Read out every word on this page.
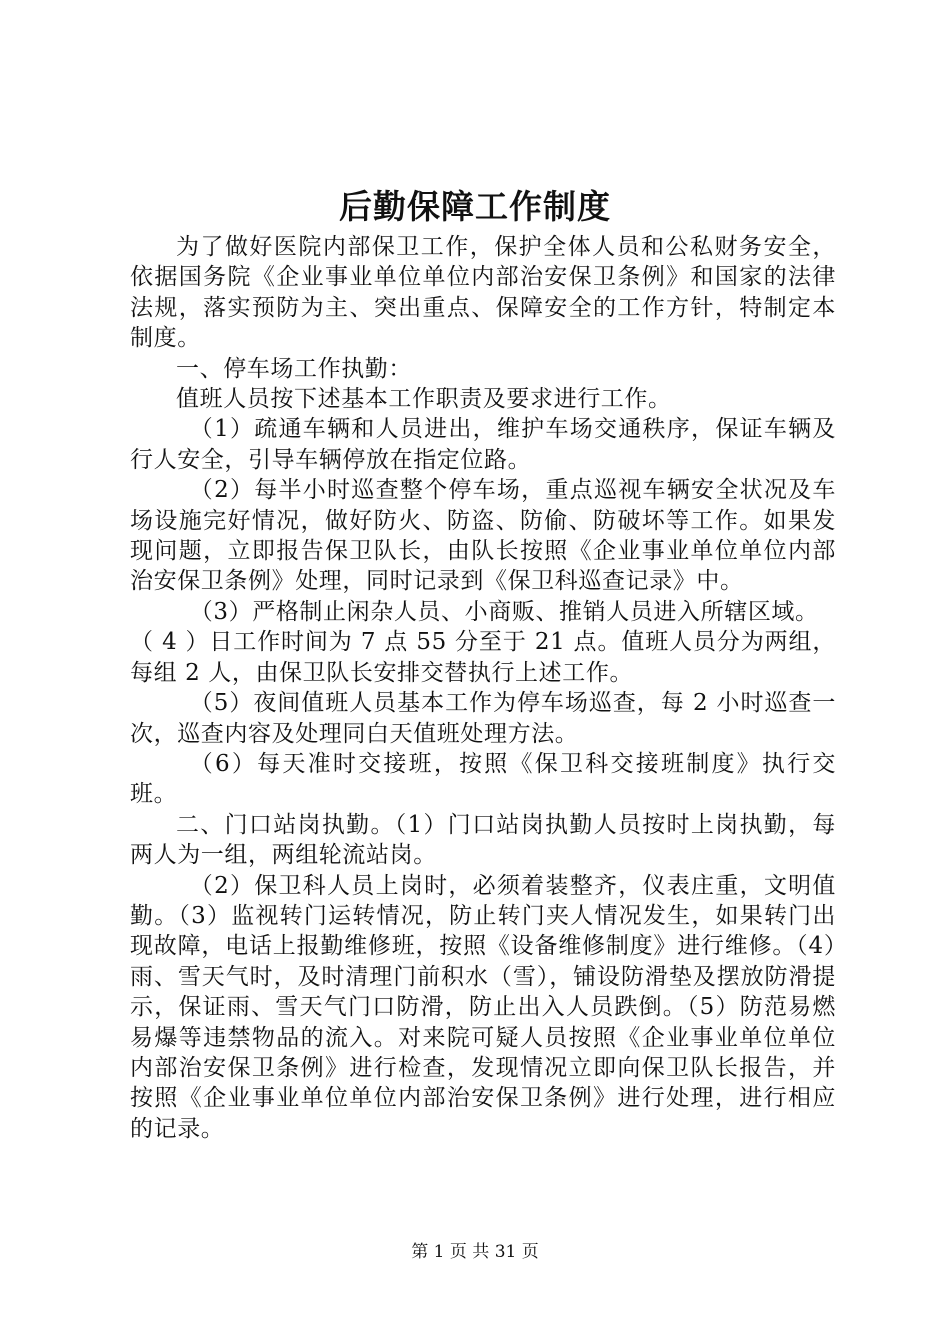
后勤保障工作制度

为了做好医院内部保卫工作，保护全体人员和公私财务安全，依据国务院《企业事业单位单位内部治安保卫条例》和国家的法律法规，落实预防为主、突出重点、保障安全的工作方针，特制定本制度。

一、停车场工作执勤：

值班人员按下述基本工作职责及要求进行工作。

（1）疏通车辆和人员进出，维护车场交通秩序，保证车辆及行人安全，引导车辆停放在指定位路。

（2）每半小时巡查整个停车场，重点巡视车辆安全状况及车场设施完好情况，做好防火、防盗、防偷、防破坏等工作。如果发现问题，立即报告保卫队长，由队长按照《企业事业单位单位内部治安保卫条例》处理，同时记录到《保卫科巡查记录》中。

（3）严格制止闲杂人员、小商贩、推销人员进入所辖区域。

（ 4 ）日工作时间为 7 点 55 分至于 21 点。值班人员分为两组，每组 2 人，由保卫队长安排交替执行上述工作。

（5）夜间值班人员基本工作为停车场巡查，每 2 小时巡查一次，巡查内容及处理同白天值班处理方法。

（6）每天准时交接班，按照《保卫科交接班制度》执行交班。

二、门口站岗执勤。（1）门口站岗执勤人员按时上岗执勤，每两人为一组，两组轮流站岗。

（2）保卫科人员上岗时，必须着装整齐，仪表庄重，文明值勤。（3）监视转门运转情况，防止转门夹人情况发生，如果转门出现故障，电话上报勤维修班，按照《设备维修制度》进行维修。（4）雨、雪天气时，及时清理门前积水（雪），铺设防滑垫及摆放防滑提示，保证雨、雪天气门口防滑，防止出入人员跌倒。（5）防范易燃易爆等违禁物品的流入。对来院可疑人员按照《企业事业单位单位内部治安保卫条例》进行检查，发现情况立即向保卫队长报告，并按照《企业事业单位单位内部治安保卫条例》进行处理，进行相应的记录。

第 1 页 共 31 页
